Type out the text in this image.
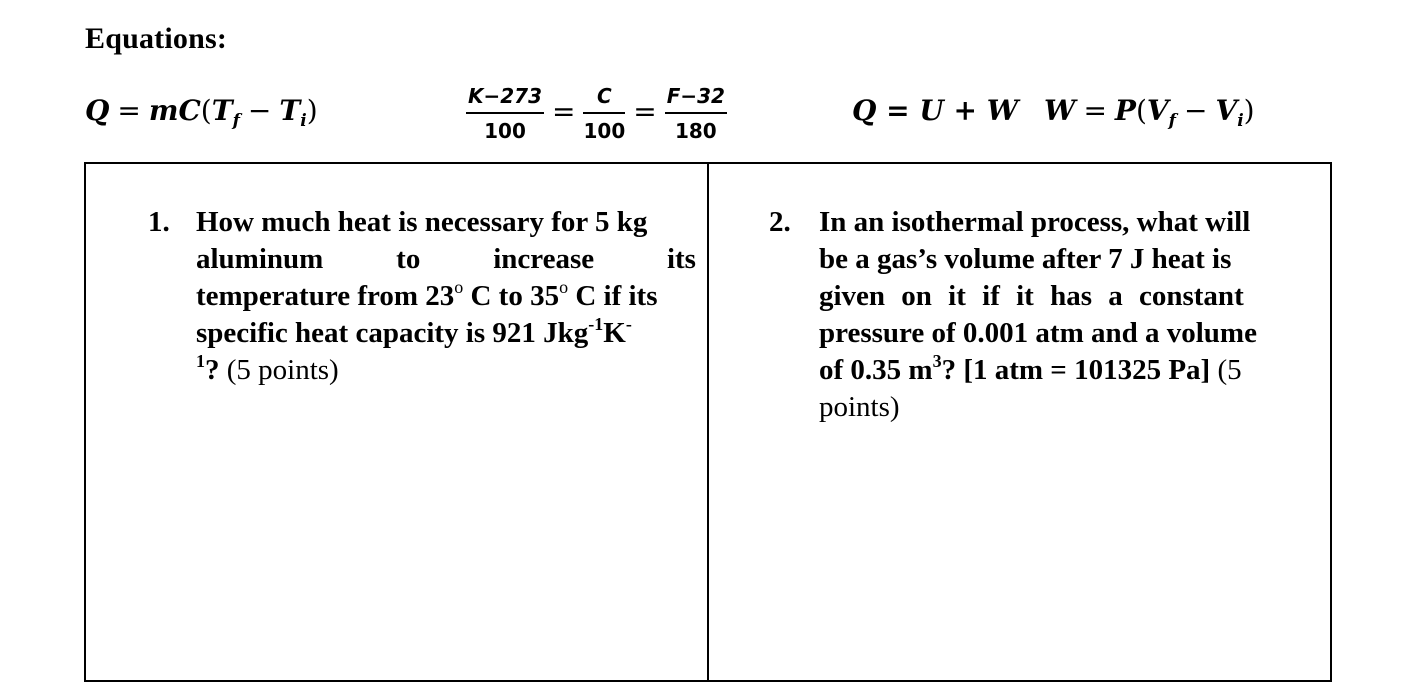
Equations:
$Q = mC(T_f - T_i)$	$\frac{K-273}{100} = \frac{C}{100} = \frac{F-32}{180}$	Q = U + W $W = P(V_f - V_i)$
1. How much heat is necessary for 5 kg
aluminum	to	increase	its
temperature from 23$^o$ C to 35$^o$ C if its
specific heat capacity is 921 Jkg$^{-1}$K-
$^1$? (5 points)
2. In an isothermal process, what will
be a gas’s volume after 7 J heat is
given on it if it has a constant
pressure of 0.001 atm and a volume
of 0.35 $m^3$? [1 atm = 101325 Pa] (5
points)
